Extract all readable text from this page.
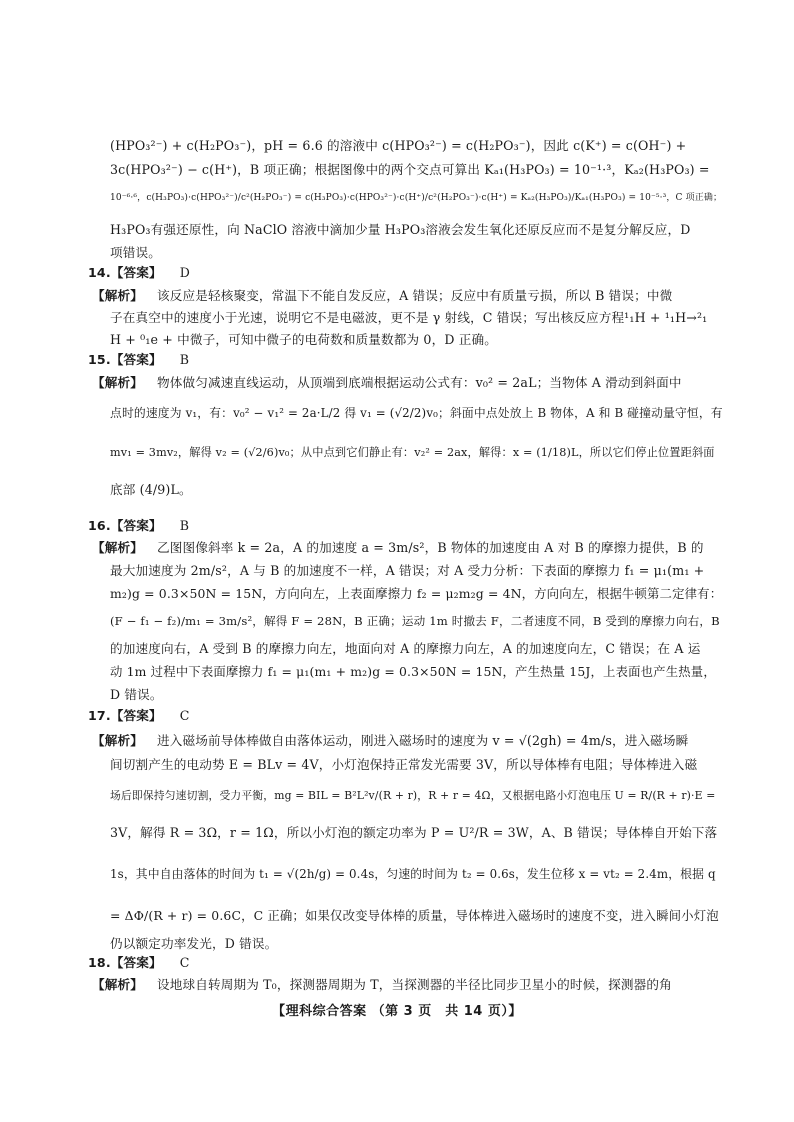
(HPO₃²⁻) + c(H₂PO₃⁻)，pH = 6.6 的溶液中 c(HPO₃²⁻) = c(H₂PO₃⁻)，因此 c(K⁺) = c(OH⁻) +
3c(HPO₃²⁻) − c(H⁺)，B 项正确；根据图像中的两个交点可算出 Kₐ₁(H₃PO₃) = 10⁻¹·³，Kₐ₂(H₃PO₃) =
10⁻⁶·⁶，c(H₃PO₃)·c(HPO₃²⁻)/c²(H₂PO₃⁻) = c(H₃PO₃)·c(HPO₃²⁻)·c(H⁺)/c²(H₂PO₃⁻)·c(H⁺) = Kₐ₂(H₃PO₃)/Kₐ₁(H₃PO₃) = 10⁻⁵·³，C 项正确；
H₃PO₃有强还原性，向 NaClO 溶液中滴加少量 H₃PO₃溶液会发生氧化还原反应而不是复分解反应，D
项错误。
14.【答案】 D
【解析】 该反应是轻核聚变，常温下不能自发反应，A 错误；反应中有质量亏损，所以 B 错误；中微
子在真空中的速度小于光速，说明它不是电磁波，更不是 γ 射线，C 错误；写出核反应方程¹₁H + ¹₁H→²₁
H + ⁰₁e + 中微子，可知中微子的电荷数和质量数都为 0，D 正确。
15.【答案】 B
【解析】 物体做匀减速直线运动，从顶端到底端根据运动公式有：v₀² = 2aL；当物体 A 滑动到斜面中
点时的速度为 v₁，有：v₀² − v₁² = 2a·L/2 得 v₁ = (√2/2)v₀；斜面中点处放上 B 物体，A 和 B 碰撞动量守恒，有
mv₁ = 3mv₂，解得 v₂ = (√2/6)v₀；从中点到它们静止有：v₂² = 2ax，解得：x = (1/18)L，所以它们停止位置距斜面
底部 (4/9)L。
16.【答案】 B
【解析】 乙图图像斜率 k = 2a，A 的加速度 a = 3m/s²，B 物体的加速度由 A 对 B 的摩擦力提供，B 的
最大加速度为 2m/s²，A 与 B 的加速度不一样，A 错误；对 A 受力分析：下表面的摩擦力 f₁ = μ₁(m₁ +
m₂)g = 0.3×50N = 15N，方向向左，上表面摩擦力 f₂ = μ₂m₂g = 4N，方向向左，根据牛顿第二定律有：
(F − f₁ − f₂)/m₁ = 3m/s²，解得 F = 28N，B 正确；运动 1m 时撤去 F，二者速度不同，B 受到的摩擦力向右，B
的加速度向右，A 受到 B 的摩擦力向左，地面向对 A 的摩擦力向左，A 的加速度向左，C 错误；在 A 运
动 1m 过程中下表面摩擦力 f₁ = μ₁(m₁ + m₂)g = 0.3×50N = 15N，产生热量 15J，上表面也产生热量，
D 错误。
17.【答案】 C
【解析】 进入磁场前导体棒做自由落体运动，刚进入磁场时的速度为 v = √(2gh) = 4m/s，进入磁场瞬
间切割产生的电动势 E = BLv = 4V，小灯泡保持正常发光需要 3V，所以导体棒有电阻；导体棒进入磁
场后即保持匀速切割，受力平衡，mg = BIL = B²L²v/(R + r)，R + r = 4Ω，又根据电路小灯泡电压 U = R/(R + r)·E =
3V，解得 R = 3Ω，r = 1Ω，所以小灯泡的额定功率为 P = U²/R = 3W，A、B 错误；导体棒自开始下落
1s，其中自由落体的时间为 t₁ = √(2h/g) = 0.4s，匀速的时间为 t₂ = 0.6s，发生位移 x = vt₂ = 2.4m，根据 q
= ΔΦ/(R + r) = 0.6C，C 正确；如果仅改变导体棒的质量，导体棒进入磁场时的速度不变，进入瞬间小灯泡
仍以额定功率发光，D 错误。
18.【答案】 C
【解析】 设地球自转周期为 T₀，探测器周期为 T，当探测器的半径比同步卫星小的时候，探测器的角
【理科综合答案 （第 3 页　共 14 页）】
